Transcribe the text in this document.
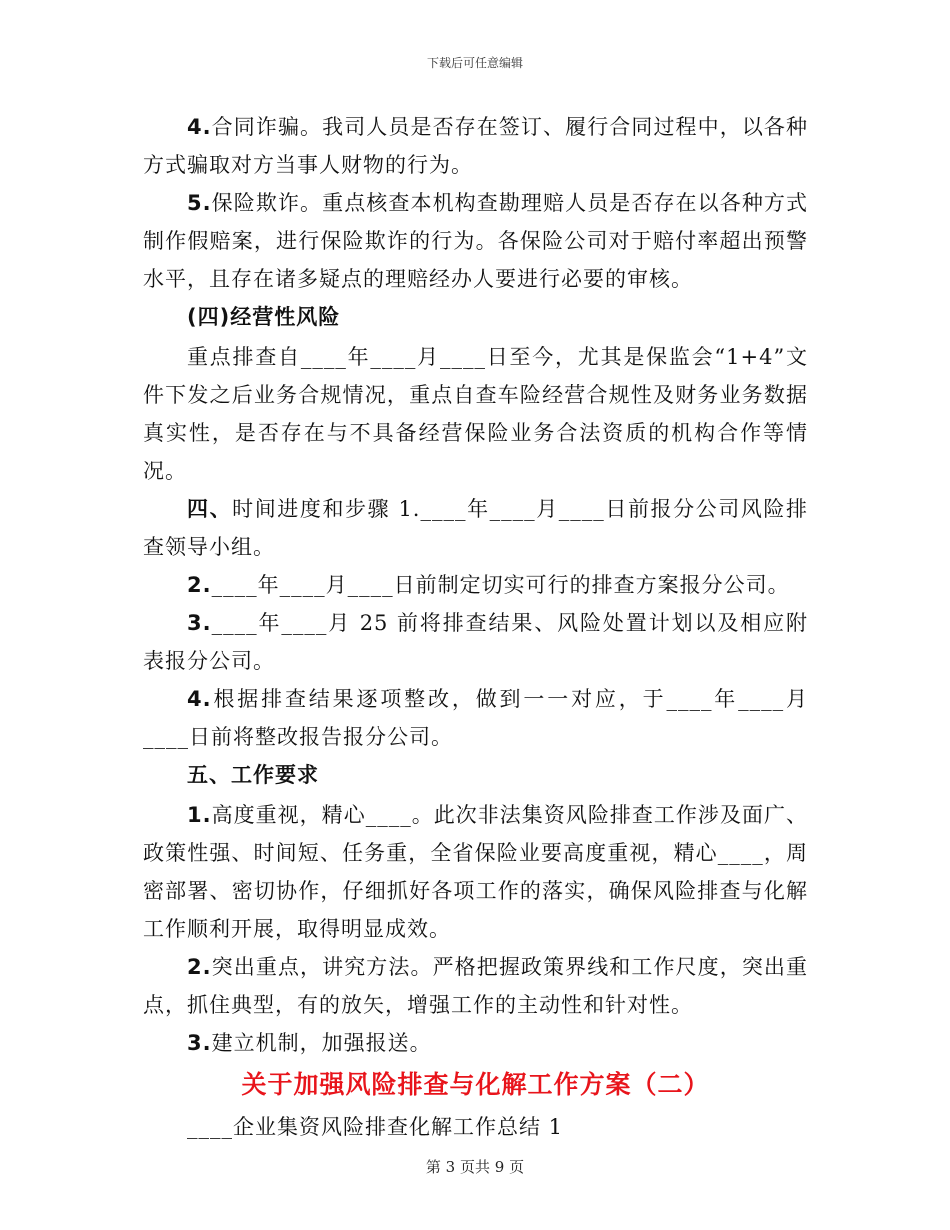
下载后可任意编辑

4.合同诈骗。我司人员是否存在签订、履行合同过程中，以各种方式骗取对方当事人财物的行为。

5.保险欺诈。重点核查本机构查勘理赔人员是否存在以各种方式制作假赔案，进行保险欺诈的行为。各保险公司对于赔付率超出预警水平，且存在诸多疑点的理赔经办人要进行必要的审核。

(四)经营性风险

重点排查自____年____月____日至今，尤其是保监会“1+4”文件下发之后业务合规情况，重点自查车险经营合规性及财务业务数据真实性，是否存在与不具备经营保险业务合法资质的机构合作等情况。

四、时间进度和步骤 1.____年____月____日前报分公司风险排查领导小组。

2.____年____月____日前制定切实可行的排查方案报分公司。

3.____年____月 25 前将排查结果、风险处置计划以及相应附表报分公司。

4.根据排查结果逐项整改，做到一一对应，于____年____月____日前将整改报告报分公司。

五、工作要求

1.高度重视，精心____。此次非法集资风险排查工作涉及面广、政策性强、时间短、任务重，全省保险业要高度重视，精心____，周密部署、密切协作，仔细抓好各项工作的落实，确保风险排查与化解工作顺利开展，取得明显成效。

2.突出重点，讲究方法。严格把握政策界线和工作尺度，突出重点，抓住典型，有的放矢，增强工作的主动性和针对性。

3.建立机制，加强报送。

关于加强风险排查与化解工作方案（二）

____企业集资风险排查化解工作总结 1

第 3 页共 9 页
